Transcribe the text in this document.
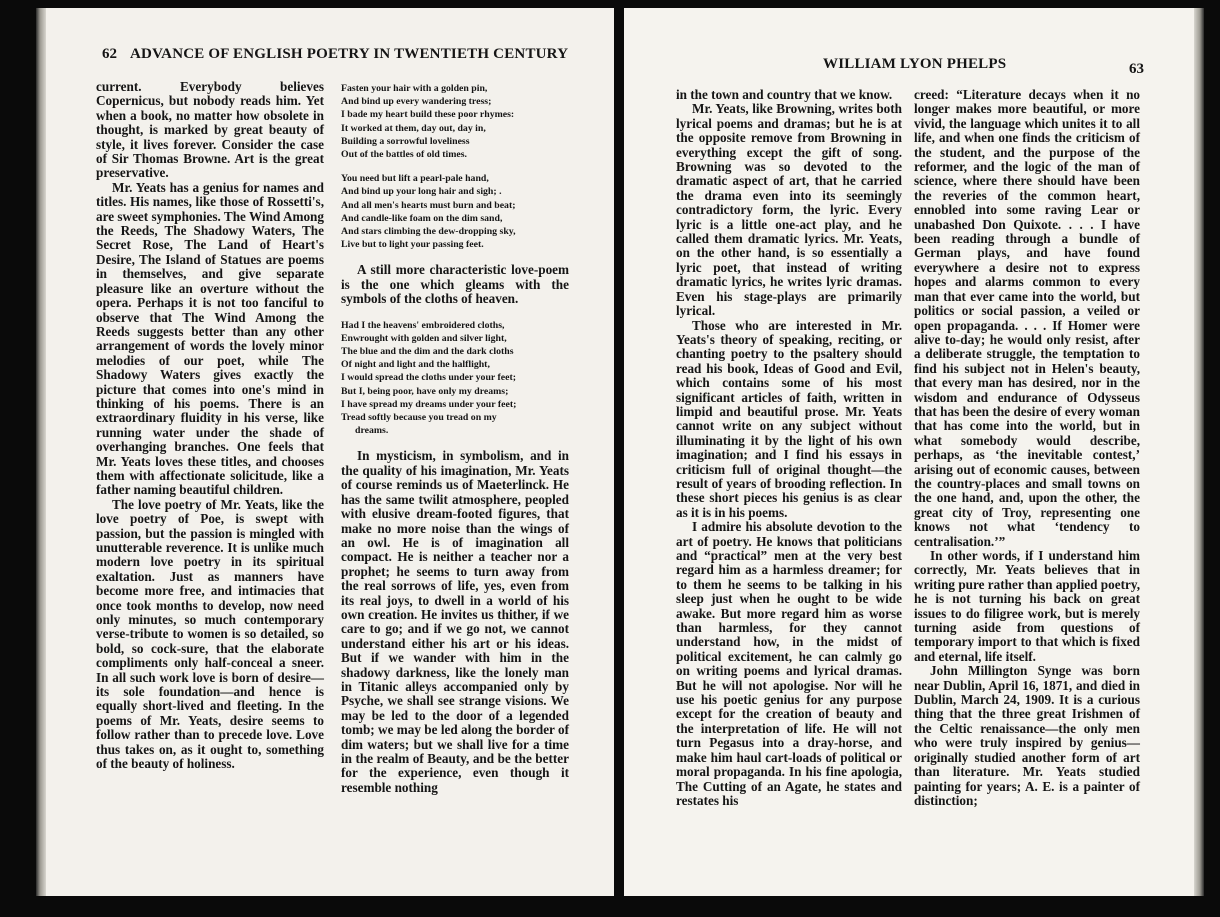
62 ADVANCE OF ENGLISH POETRY IN TWENTIETH CENTURY

current. Everybody believes Copernicus, but nobody reads him. Yet when a book, no matter how obsolete in thought, is marked by great beauty of style, it lives forever. Consider the case of Sir Thomas Browne. Art is the great preservative.

Mr. Yeats has a genius for names and titles. His names, like those of Rossetti's, are sweet symphonies. The Wind Among the Reeds, The Shadowy Waters, The Secret Rose, The Land of Heart's Desire, The Island of Statues are poems in themselves, and give separate pleasure like an overture without the opera. Perhaps it is not too fanciful to observe that The Wind Among the Reeds suggests better than any other arrangement of words the lovely minor melodies of our poet, while The Shadowy Waters gives exactly the picture that comes into one's mind in thinking of his poems. There is an extraordinary fluidity in his verse, like running water under the shade of overhanging branches. One feels that Mr. Yeats loves these titles, and chooses them with affectionate solicitude, like a father naming beautiful children.

The love poetry of Mr. Yeats, like the love poetry of Poe, is swept with passion, but the passion is mingled with unutterable reverence. It is unlike much modern love poetry in its spiritual exaltation. Just as manners have become more free, and intimacies that once took months to develop, now need only minutes, so much contemporary verse-tribute to women is so detailed, so bold, so cock-sure, that the elaborate compliments only half-conceal a sneer. In all such work love is born of desire—its sole foundation—and hence is equally short-lived and fleeting. In the poems of Mr. Yeats, desire seems to follow rather than to precede love. Love thus takes on, as it ought to, something of the beauty of holiness.

Fasten your hair with a golden pin,

And bind up every wandering tress;

I bade my heart build these poor rhymes:

It worked at them, day out, day in,

Building a sorrowful loveliness

Out of the battles of old times.

You need but lift a pearl-pale hand,

And bind up your long hair and sigh; .

And all men's hearts must burn and beat;

And candle-like foam on the dim sand,

And stars climbing the dew-dropping sky,

Live but to light your passing feet.

A still more characteristic love-poem is the one which gleams with the symbols of the cloths of heaven.

Had I the heavens' embroidered cloths,

Enwrought with golden and silver light,

The blue and the dim and the dark cloths

Of night and light and the halflight,

I would spread the cloths under your feet;

But I, being poor, have only my dreams;

I have spread my dreams under your feet;

Tread softly because you tread on my

dreams.

In mysticism, in symbolism, and in the quality of his imagination, Mr. Yeats of course reminds us of Maeterlinck. He has the same twilit atmosphere, peopled with elusive dream-footed figures, that make no more noise than the wings of an owl. He is of imagination all compact. He is neither a teacher nor a prophet; he seems to turn away from the real sorrows of life, yes, even from its real joys, to dwell in a world of his own creation. He invites us thither, if we care to go; and if we go not, we cannot understand either his art or his ideas. But if we wander with him in the shadowy darkness, like the lonely man in Titanic alleys accompanied only by Psyche, we shall see strange visions. We may be led to the door of a legended tomb; we may be led along the border of dim waters; but we shall live for a time in the realm of Beauty, and be the better for the experience, even though it resemble nothing

WILLIAM LYON PHELPS	63

in the town and country that we know.

Mr. Yeats, like Browning, writes both lyrical poems and dramas; but he is at the opposite remove from Browning in everything except the gift of song. Browning was so devoted to the dramatic aspect of art, that he carried the drama even into its seemingly contradictory form, the lyric. Every lyric is a little one-act play, and he called them dramatic lyrics. Mr. Yeats, on the other hand, is so essentially a lyric poet, that instead of writing dramatic lyrics, he writes lyric dramas. Even his stage-plays are primarily lyrical.

Those who are interested in Mr. Yeats's theory of speaking, reciting, or chanting poetry to the psaltery should read his book, Ideas of Good and Evil, which contains some of his most significant articles of faith, written in limpid and beautiful prose. Mr. Yeats cannot write on any subject without illuminating it by the light of his own imagination; and I find his essays in criticism full of original thought—the result of years of brooding reflection. In these short pieces his genius is as clear as it is in his poems.

I admire his absolute devotion to the art of poetry. He knows that politicians and “practical” men at the very best regard him as a harmless dreamer; for to them he seems to be talking in his sleep just when he ought to be wide awake. But more regard him as worse than harmless, for they cannot understand how, in the midst of political excitement, he can calmly go on writing poems and lyrical dramas. But he will not apologise. Nor will he use his poetic genius for any purpose except for the creation of beauty and the interpretation of life. He will not turn Pegasus into a dray-horse, and make him haul cart-loads of political or moral propaganda. In his fine apologia, The Cutting of an Agate, he states and restates his

creed: “Literature decays when it no longer makes more beautiful, or more vivid, the language which unites it to all life, and when one finds the criticism of the student, and the purpose of the reformer, and the logic of the man of science, where there should have been the reveries of the common heart, ennobled into some raving Lear or unabashed Don Quixote. . . . I have been reading through a bundle of German plays, and have found everywhere a desire not to express hopes and alarms common to every man that ever came into the world, but politics or social passion, a veiled or open propaganda. . . . If Homer were alive to-day; he would only resist, after a deliberate struggle, the temptation to find his subject not in Helen's beauty, that every man has desired, nor in the wisdom and endurance of Odysseus that has been the desire of every woman that has come into the world, but in what somebody would describe, perhaps, as ‘the inevitable contest,’ arising out of economic causes, between the country-places and small towns on the one hand, and, upon the other, the great city of Troy, representing one knows not what ‘tendency to centralisation.’”

In other words, if I understand him correctly, Mr. Yeats believes that in writing pure rather than applied poetry, he is not turning his back on great issues to do filigree work, but is merely turning aside from questions of temporary import to that which is fixed and eternal, life itself.

John Millington Synge was born near Dublin, April 16, 1871, and died in Dublin, March 24, 1909. It is a curious thing that the three great Irishmen of the Celtic renaissance—the only men who were truly inspired by genius—originally studied another form of art than literature. Mr. Yeats studied painting for years; A. E. is a painter of distinction;
